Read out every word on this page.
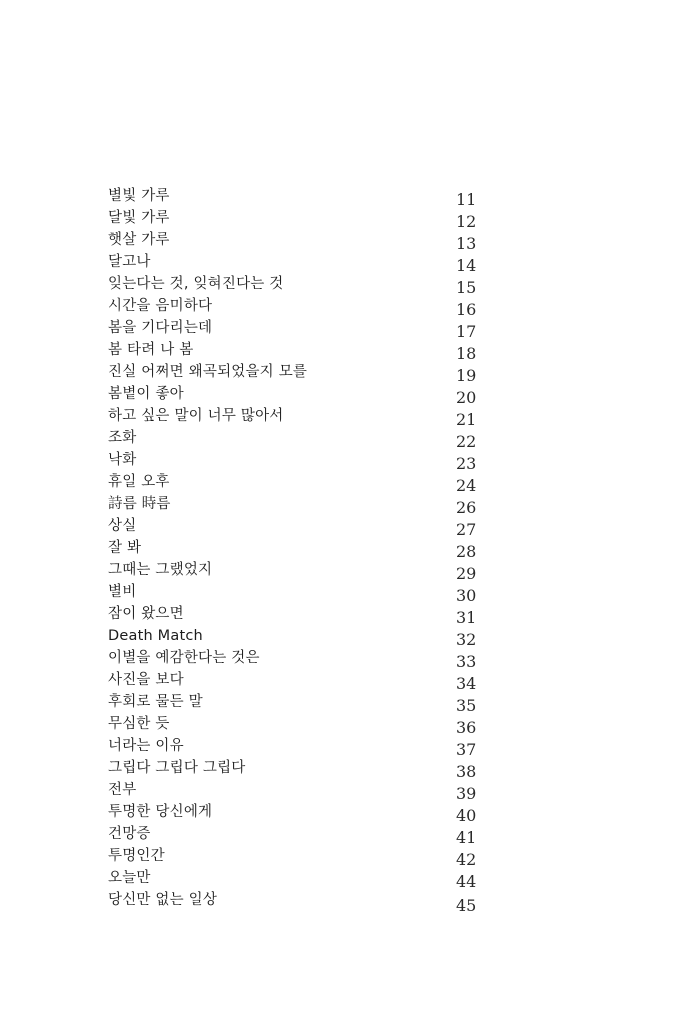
별빛 가루	11
달빛 가루	12
햇살 가루	13
달고나	14
잊는다는 것, 잊혀진다는 것	15
시간을 음미하다	16
봄을 기다리는데	17
봄 타려 나 봄	18
진실 어쩌면 왜곡되었을지 모를	19
봄볕이 좋아	20
하고 싶은 말이 너무 많아서	21
조화	22
낙화	23
휴일 오후	24
詩름 時름	26
상실	27
잘 봐	28
그때는 그랬었지	29
별비	30
잠이 왔으면	31
Death Match	32
이별을 예감한다는 것은	33
사진을 보다	34
후회로 물든 말	35
무심한 듯	36
너라는 이유	37
그립다 그립다 그립다	38
전부	39
투명한 당신에게	40
건망증	41
투명인간	42
오늘만	44
당신만 없는 일상	45
